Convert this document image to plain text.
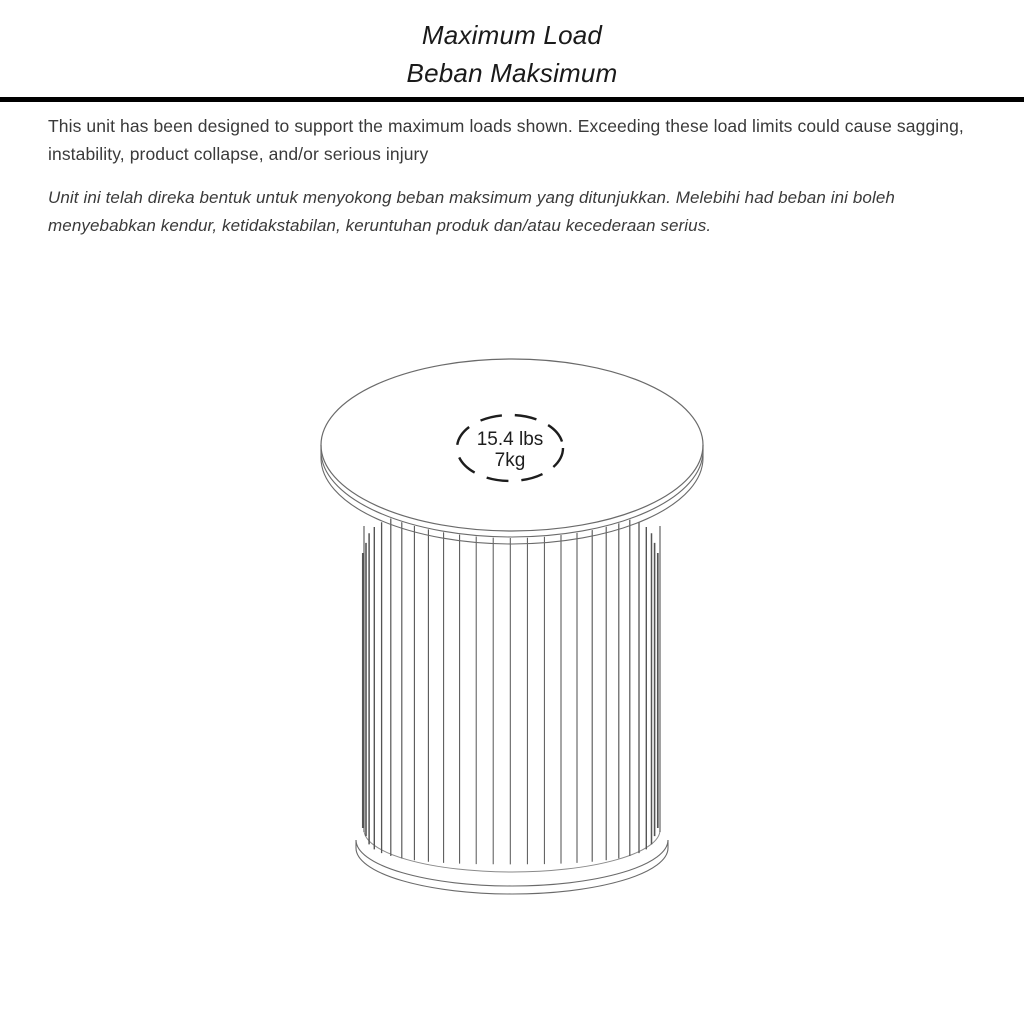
Maximum Load
Beban Maksimum

This unit has been designed to support the maximum loads shown. Exceeding these load limits could cause sagging, instability, product collapse, and/or serious injury

Unit ini telah direka bentuk untuk menyokong beban maksimum yang ditunjukkan. Melebihi had beban ini boleh menyebabkan kendur, ketidakstabilan, keruntuhan produk dan/atau kecederaan serius.

15.4 lbs
7kg
